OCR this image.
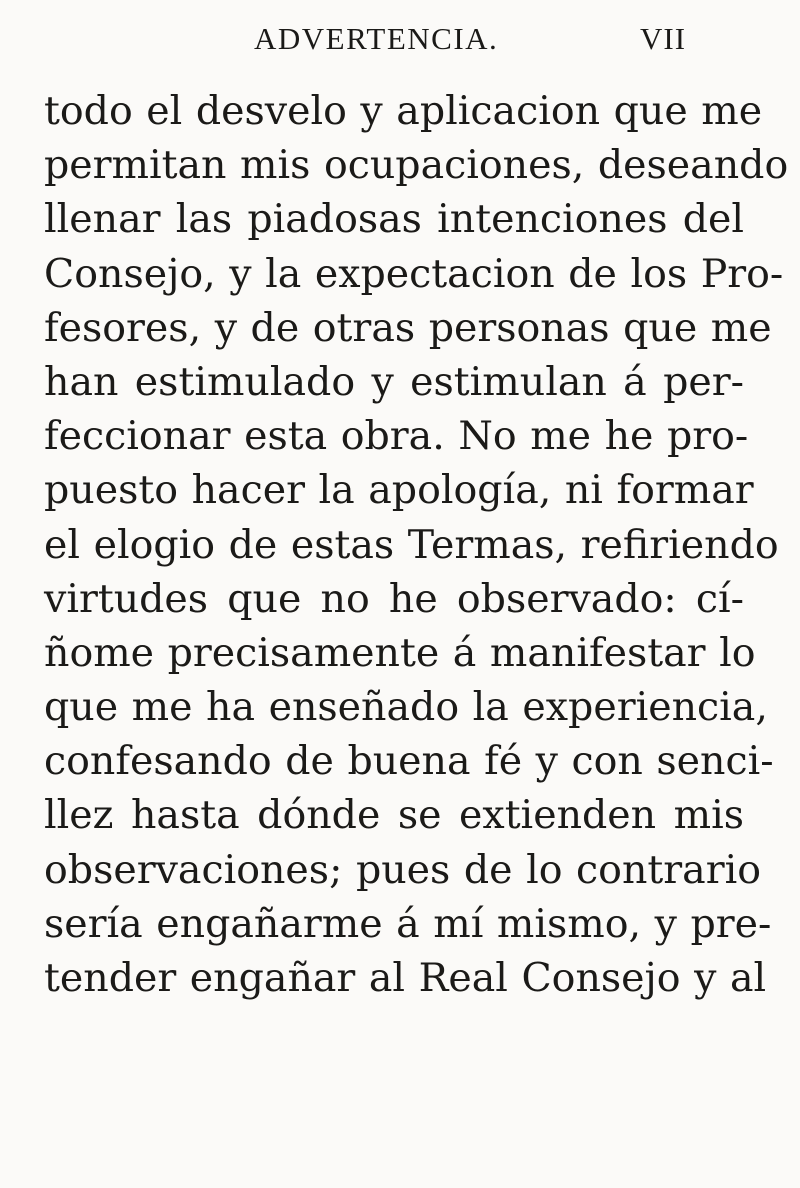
ADVERTENCIA.	VII
todo el desvelo y aplicacion que me
permitan mis ocupaciones, deseando
llenar las piadosas intenciones del
Consejo, y la expectacion de los Pro-
fesores, y de otras personas que me
han estimulado y estimulan á per-
feccionar esta obra. No me he pro-
puesto hacer la apología, ni formar
el elogio de estas Termas, refiriendo
virtudes que no he observado: cí-
ñome precisamente á manifestar lo
que me ha enseñado la experiencia,
confesando de buena fé y con senci-
llez hasta dónde se extienden mis
observaciones; pues de lo contrario
sería engañarme á mí mismo, y pre-
tender engañar al Real Consejo y al
